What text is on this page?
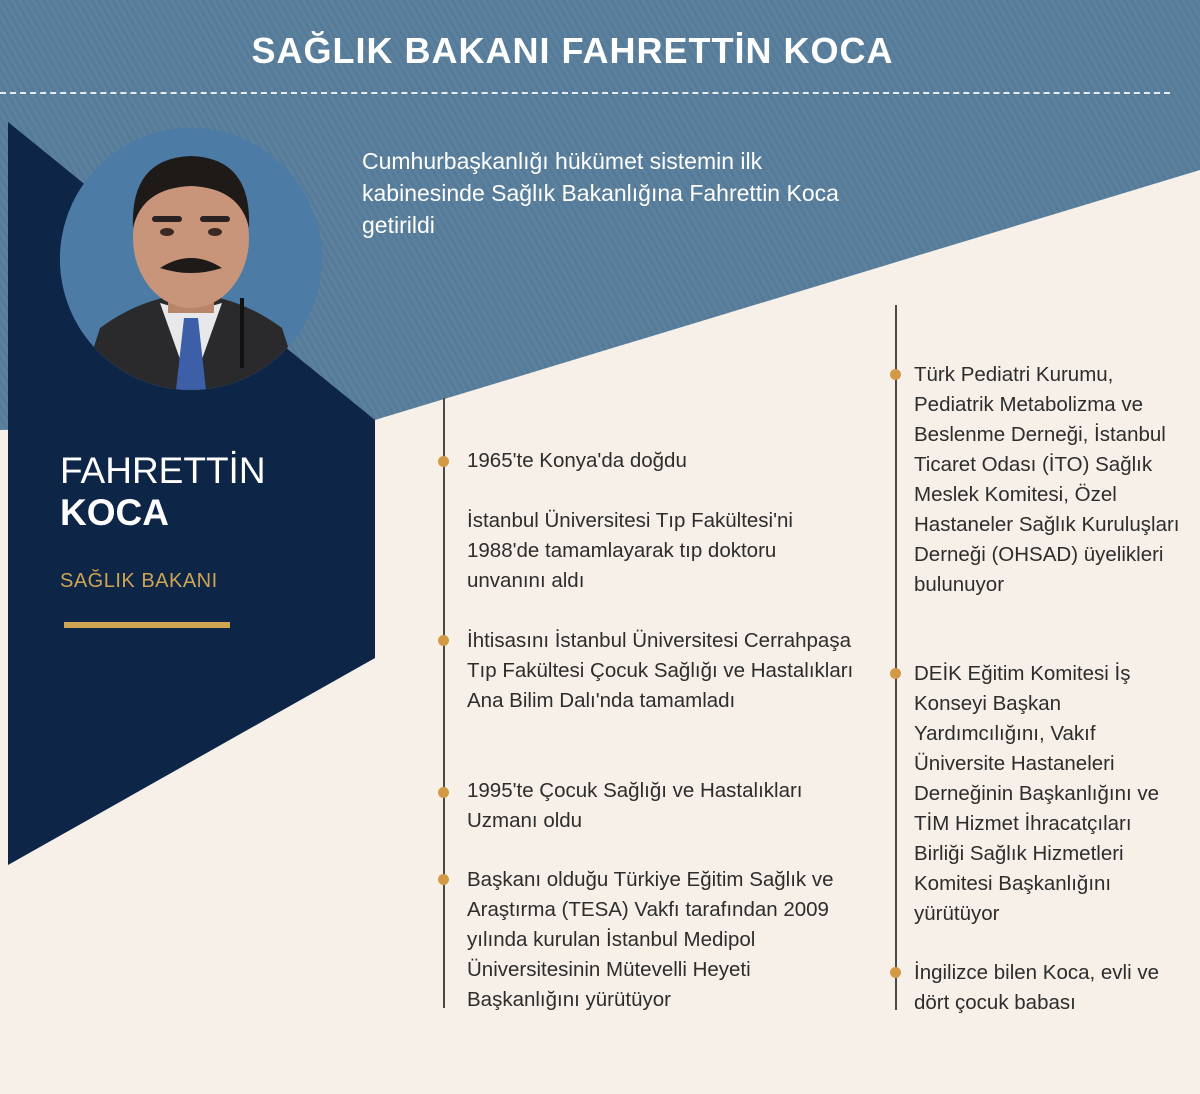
SAĞLIK BAKANI FAHRETTİN KOCA
Cumhurbaşkanlığı hükümet sistemin ilk kabinesinde Sağlık Bakanlığına Fahrettin Koca getirildi
FAHRETTİN
KOCA
SAĞLIK BAKANI
1965'te Konya'da doğdu
İstanbul Üniversitesi Tıp Fakültesi'ni 1988'de tamamlayarak tıp doktoru unvanını aldı
İhtisasını İstanbul Üniversitesi Cerrahpaşa Tıp Fakültesi Çocuk Sağlığı ve Hastalıkları Ana Bilim Dalı'nda tamamladı
1995'te Çocuk Sağlığı ve Hastalıkları Uzmanı oldu
Başkanı olduğu Türkiye Eğitim Sağlık ve Araştırma (TESA) Vakfı tarafından 2009 yılında kurulan İstanbul Medipol Üniversitesinin Mütevelli Heyeti Başkanlığını yürütüyor
Türk Pediatri Kurumu, Pediatrik Metabolizma ve Beslenme Derneği, İstanbul Ticaret Odası (İTO) Sağlık Meslek Komitesi, Özel Hastaneler Sağlık Kuruluşları Derneği (OHSAD) üyelikleri bulunuyor
DEİK Eğitim Komitesi İş Konseyi Başkan Yardımcılığını, Vakıf Üniversite Hastaneleri Derneğinin Başkanlığını ve TİM Hizmet İhracatçıları Birliği Sağlık Hizmetleri Komitesi Başkanlığını yürütüyor
İngilizce bilen Koca, evli ve dört çocuk babası
